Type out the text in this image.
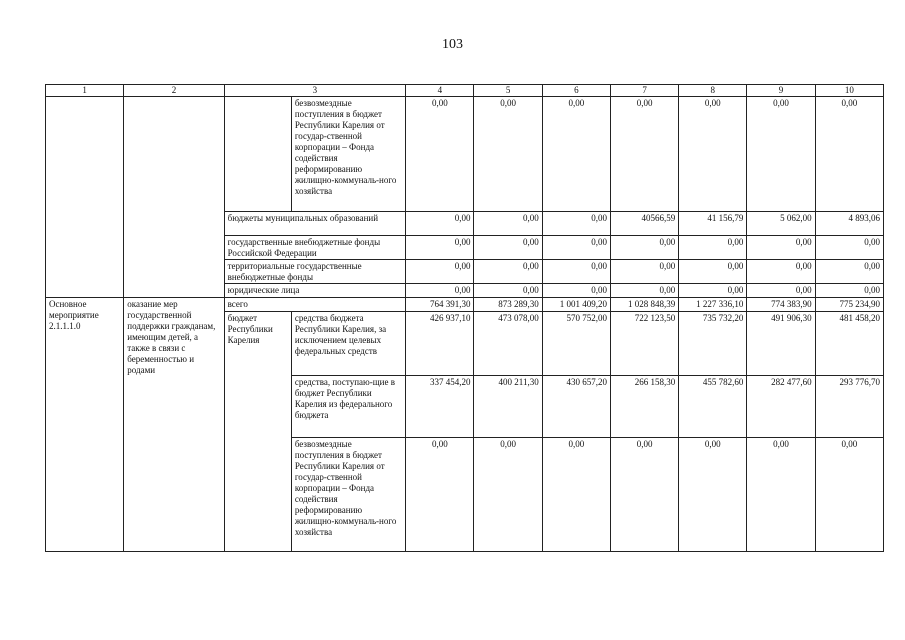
103
1	2	3		4	5	6	7	8	9	10
			безвозмездные поступления в бюджет Республики Карелия от государ-ственной корпорации – Фонда содействия реформированию жилищно-коммуналь-ного хозяйства	0,00	0,00	0,00	0,00	0,00	0,00	0,00
		бюджеты муниципальных образований		0,00	0,00	0,00	40566,59	41 156,79	5 062,00	4 893,06
		государственные внебюджетные фонды Российской Федерации		0,00	0,00	0,00	0,00	0,00	0,00	0,00
		территориальные государственные внебюджетные фонды		0,00	0,00	0,00	0,00	0,00	0,00	0,00
		юридические лица		0,00	0,00	0,00	0,00	0,00	0,00	0,00
Основное мероприятие 2.1.1.1.0	оказание мер государственной поддержки гражданам, имеющим детей, а также в связи с беременностью и родами	всего		764 391,30	873 289,30	1 001 409,20	1 028 848,39	1 227 336,10	774 383,90	775 234,90
		бюджет Республики Карелия	средства бюджета Республики Карелия, за исключением целевых федеральных средств	426 937,10	473 078,00	570 752,00	722 123,50	735 732,20	491 906,30	481 458,20
			средства, поступаю-щие в бюджет Республики Карелия из федерального бюджета	337 454,20	400 211,30	430 657,20	266 158,30	455 782,60	282 477,60	293 776,70
			безвозмездные поступления в бюджет Республики Карелия от государ-ственной корпорации – Фонда содействия реформированию жилищно-коммуналь-ного хозяйства	0,00	0,00	0,00	0,00	0,00	0,00	0,00
